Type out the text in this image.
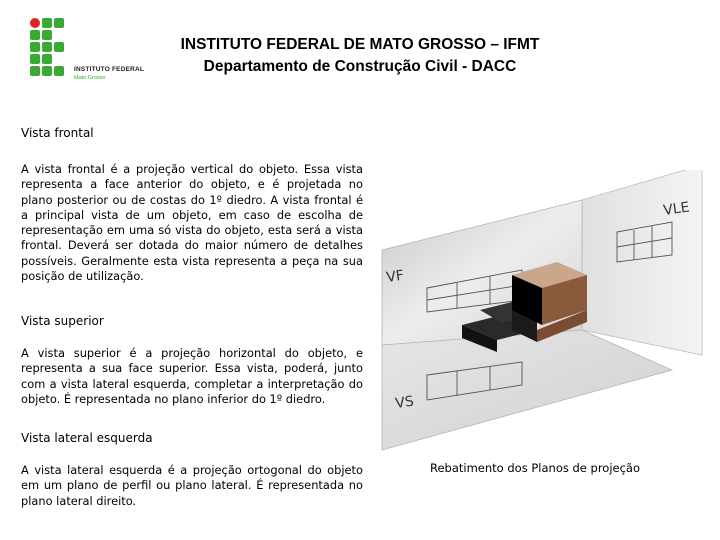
INSTITUTO FEDERAL
Mato Grosso
INSTITUTO FEDERAL DE MATO GROSSO – IFMT
Departamento de Construção Civil - DACC
Vista frontal
A vista frontal é a projeção vertical do objeto. Essa vista representa a face anterior do objeto, e é projetada no plano posterior ou de costas do 1º diedro. A vista frontal é a principal vista de um objeto, em caso de escolha de representação em uma só vista do objeto, esta será a vista frontal. Deverá ser dotada do maior número de detalhes possíveis. Geralmente esta vista representa a peça na sua posição de utilização.
Vista superior
A vista superior é a projeção horizontal do objeto, e representa a sua face superior. Essa vista, poderá, junto com a vista lateral esquerda, completar a interpretação do objeto. É representada no plano inferior do 1º diedro.
Vista lateral esquerda
A vista lateral esquerda é a projeção ortogonal do objeto em um plano de perfil ou plano lateral. É representada no plano lateral direito.
VLE
VF
VS
Rebatimento dos Planos de projeção
